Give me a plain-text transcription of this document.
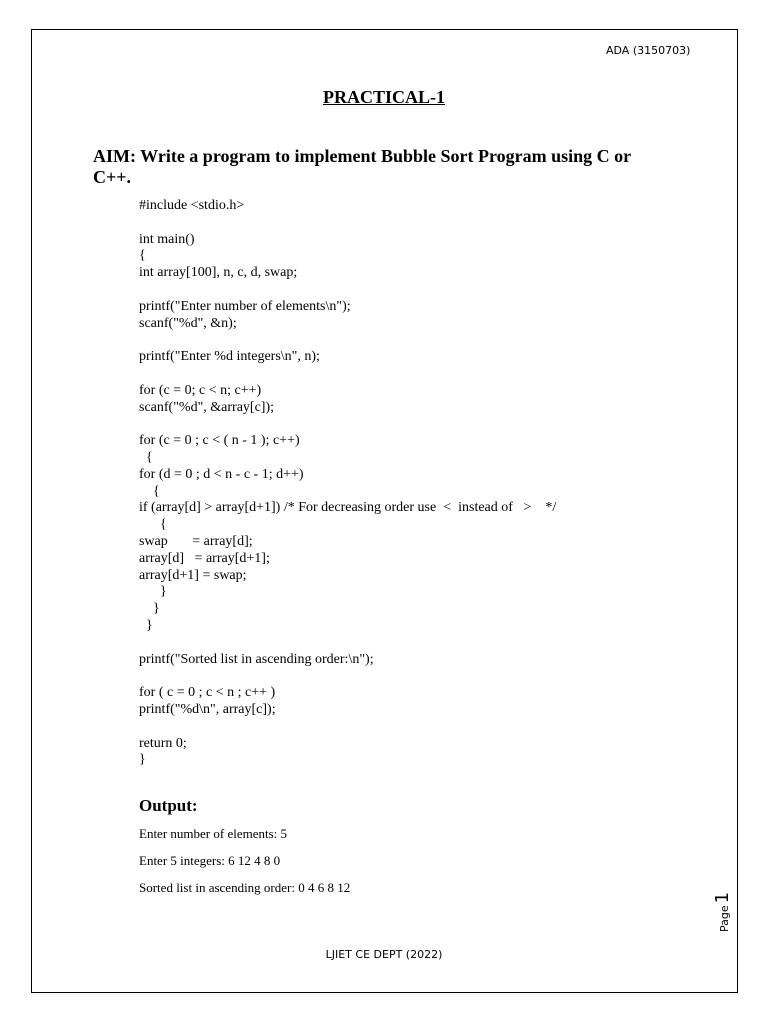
ADA (3150703)
PRACTICAL-1
AIM: Write a program to implement Bubble Sort Program using C or C++.
#include <stdio.h>

int main()
{
int array[100], n, c, d, swap;

printf("Enter number of elements\n");
scanf("%d", &n);

printf("Enter %d integers\n", n);

for (c = 0; c < n; c++)
scanf("%d", &array[c]);

for (c = 0 ; c < ( n - 1 ); c++)
{
for (d = 0 ; d < n - c - 1; d++)
{
if (array[d] > array[d+1]) /* For decreasing order use  <  instead of   >    */
{
swap       = array[d];
array[d]   = array[d+1];
array[d+1] = swap;
}
}
}

printf("Sorted list in ascending order:\n");

for ( c = 0 ; c < n ; c++ )
printf("%d\n", array[c]);

return 0;
}
Output:
Enter number of elements: 5
Enter 5 integers: 6 12 4 8 0
Sorted list in ascending order: 0 4 6 8 12
Page1
LJIET CE DEPT (2022)
